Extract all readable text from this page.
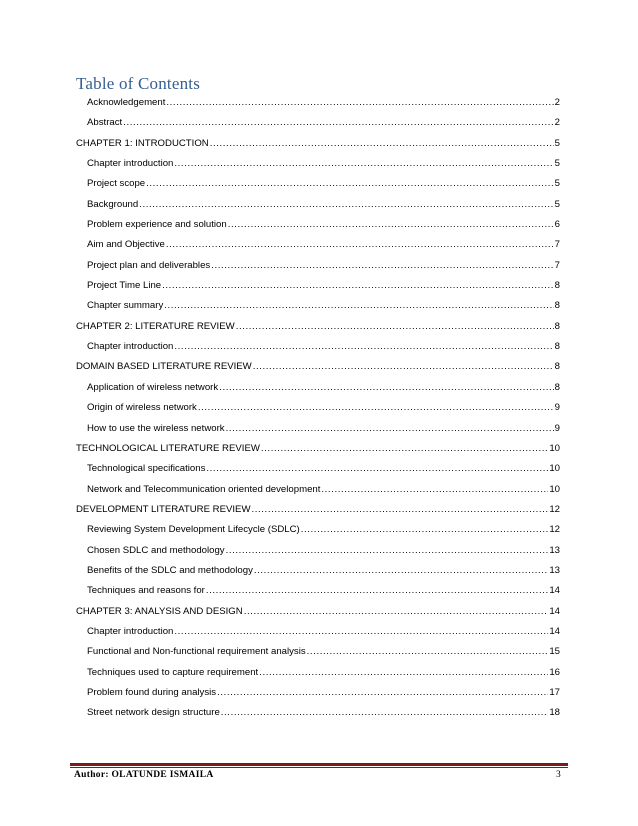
Table of Contents
Acknowledgement .....	2
Abstract .....	2
CHAPTER 1: INTRODUCTION .....	5
Chapter introduction .....	5
Project scope .....	5
Background .....	5
Problem experience and solution .....	6
Aim and Objective .....	7
Project plan and deliverables .....	7
Project Time Line .....	8
Chapter summary .....	8
CHAPTER 2: LITERATURE REVIEW .....	8
Chapter introduction .....	8
DOMAIN BASED LITERATURE REVIEW .....	8
Application of wireless network .....	8
Origin of wireless network .....	9
How to use the wireless network .....	9
TECHNOLOGICAL LITERATURE REVIEW .....	10
Technological specifications .....	10
Network and Telecommunication oriented development .....	10
DEVELOPMENT LITERATURE REVIEW .....	12
Reviewing System Development Lifecycle (SDLC) .....	12
Chosen SDLC and methodology .....	13
Benefits of the SDLC and methodology .....	13
Techniques and reasons for .....	14
CHAPTER 3: ANALYSIS AND DESIGN .....	14
Chapter introduction .....	14
Functional and Non-functional requirement analysis .....	15
Techniques used to capture requirement .....	16
Problem found during analysis .....	17
Street network design structure .....	18
Author: OLATUNDE ISMAILA	3
